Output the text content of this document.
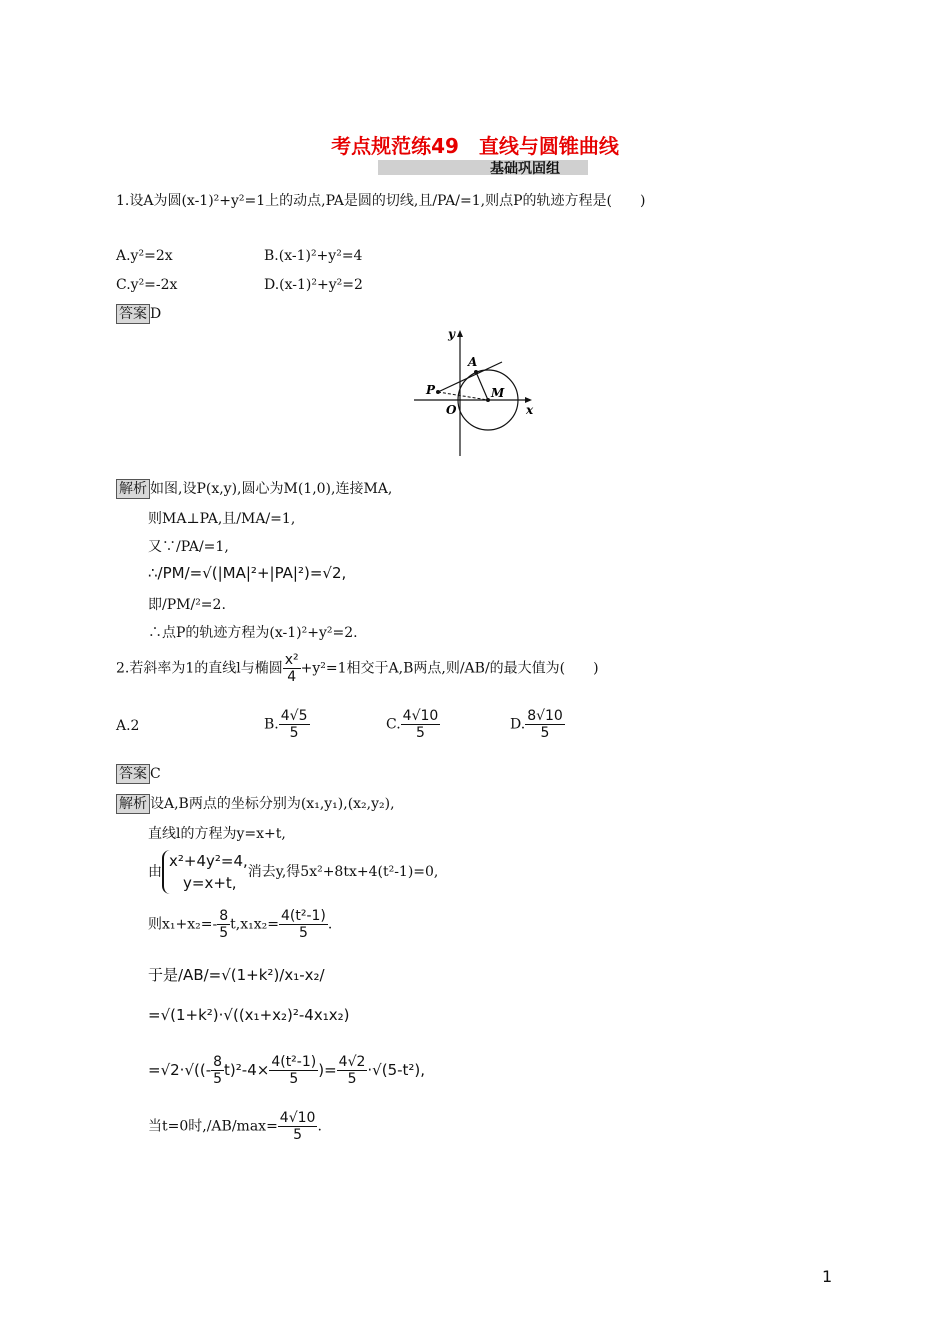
考点规范练49　直线与圆锥曲线
基础巩固组
1.设A为圆(x-1)²+y²=1上的动点,PA是圆的切线,且/PA/=1,则点P的轨迹方程是(　　)
A.y²=2x	B.(x-1)²+y²=4
C.y²=-2x	D.(x-1)²+y²=2
答案 D
y
x
A
P
O
M
解析 如图,设P(x,y),圆心为M(1,0),连接MA,
则MA⊥PA,且/MA/=1,
又∵/PA/=1,
∴/PM/=√(|MA|²+|PA|²)=√2,
即/PM/²=2.
∴点P的轨迹方程为(x-1)²+y²=2.
2.若斜率为1的直线l与椭圆 $\frac{\text{x²}}{4} +y^2=1$相交于A,B两点,则/AB/的最大值为(　　)
A.2	B. $\frac{4√5}{5}$	C. $\frac{4√10}{5}$	D. $\frac{8√10}{5}$
答案 C
解析 设A,B两点的坐标分别为(x₁,y₁),(x₂,y₂),
直线l的方程为y=x+t,
由
x²+4y²=4,
y=x+t,
消去y,得5x²+8tx+4(t²-1)=0,
则$x_1+x_2=- \frac{8}{5} t,x_1x_2= \frac{\text{4(t²-1)}}{5}$ .
于是/AB/=√(1+k²)/x₁-x₂/
=√(1+k²)·√((x₁+x₂)²-4x₁x₂)
$=√2\cdot√((- \frac{8}{5} t)^2-4\times \frac{\text{4(t²-1)}}{5}$ )= $\frac{4√2}{5} \cdot√(5-t^2)$,
当t=0时$,/AB/\max= \frac{4√10}{5}$ .
1
